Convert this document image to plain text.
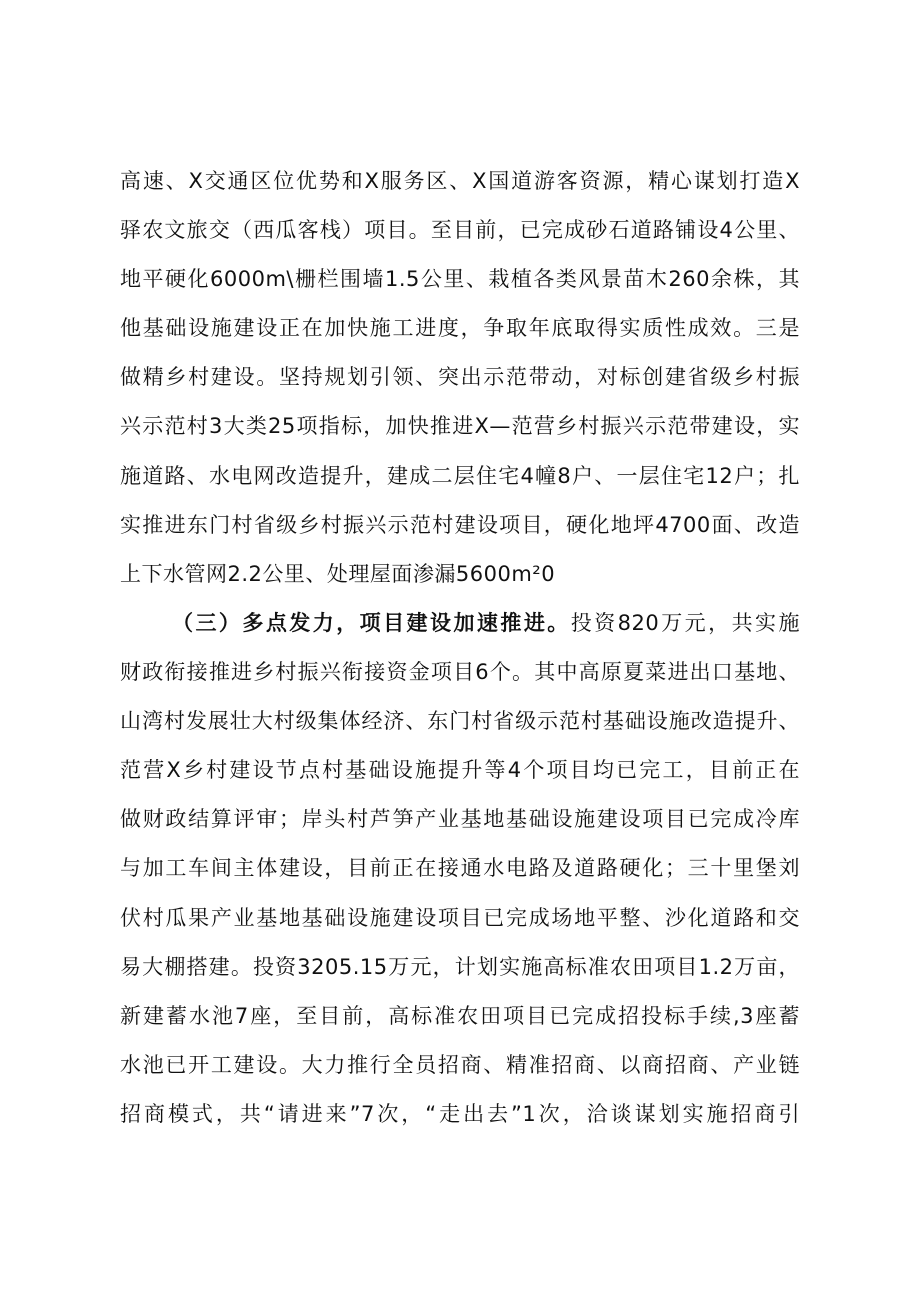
高速、X交通区位优势和X服务区、X国道游客资源，精心谋划打造X
驿农文旅交（西瓜客栈）项目。至目前，已完成砂石道路铺设4公里、
地平硬化6000m\栅栏围墙1.5公里、栽植各类风景苗木260余株，其
他基础设施建设正在加快施工进度，争取年底取得实质性成效。三是
做精乡村建设。坚持规划引领、突出示范带动，对标创建省级乡村振
兴示范村3大类25项指标，加快推进X—范营乡村振兴示范带建设，实
施道路、水电网改造提升，建成二层住宅4幢8户、一层住宅12户；扎
实推进东门村省级乡村振兴示范村建设项目，硬化地坪4700面、改造
上下水管网2.2公里、处理屋面渗漏5600m²0
（三）多点发力，项目建设加速推进。投资820万元，共实施
财政衔接推进乡村振兴衔接资金项目6个。其中高原夏菜进出口基地、
山湾村发展壮大村级集体经济、东门村省级示范村基础设施改造提升、
范营X乡村建设节点村基础设施提升等4个项目均已完工，目前正在
做财政结算评审；岸头村芦笋产业基地基础设施建设项目已完成冷库
与加工车间主体建设，目前正在接通水电路及道路硬化；三十里堡刘
伏村瓜果产业基地基础设施建设项目已完成场地平整、沙化道路和交
易大棚搭建。投资3205.15万元，计划实施高标准农田项目1.2万亩，
新建蓄水池7座，至目前，高标准农田项目已完成招投标手续,3座蓄
水池已开工建设。大力推行全员招商、精准招商、以商招商、产业链
招商模式，共“请进来”7次，“走出去”1次，洽谈谋划实施招商引
